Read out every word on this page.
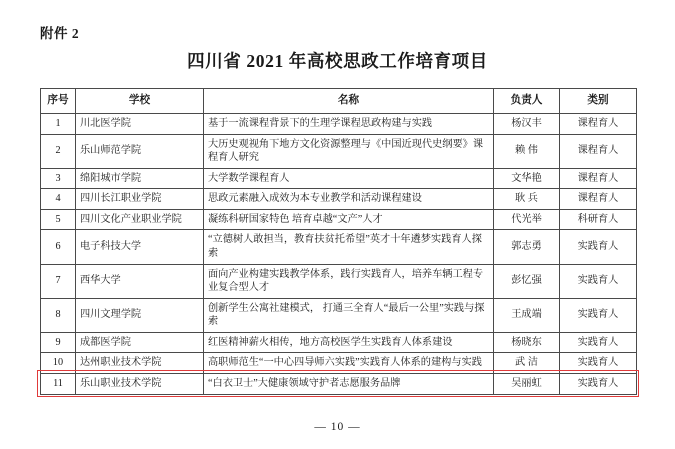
附件 2
四川省 2021 年高校思政工作培育项目
序号	学校	名称	负责人	类别
1	川北医学院	基于一流课程背景下的生理学课程思政构建与实践	杨汉丰	课程育人
2	乐山师范学院	大历史观视角下地方文化资源整理与《中国近现代史纲要》课程育人研究	赖 伟	课程育人
3	绵阳城市学院	大学数学课程育人	文华艳	课程育人
4	四川长江职业学院	思政元素融入成效为本专业教学和活动课程建设	耿 兵	课程育人
5	四川文化产业职业学院	凝练科研国家特色 培育卓越“文产”人才	代光举	科研育人
6	电子科技大学	“立德树人敢担当，教育扶贫托希望”英才十年遴梦实践育人探索	郭志勇	实践育人
7	西华大学	面向产业构建实践教学体系，践行实践育人，培养车辆工程专业复合型人才	彭忆强	实践育人
8	四川文理学院	创新学生公寓社建模式， 打通三全育人“最后一公里”实践与探索	王成端	实践育人
9	成都医学院	红医精神薪火相传，地方高校医学生实践育人体系建设	杨晓东	实践育人
10	达州职业技术学院	高职师范生“一中心四导师六实践”实践育人体系的建构与实践	武 洁	实践育人
11	乐山职业技术学院	“白衣卫士”大健康领域守护者志愿服务品牌	吴丽虹	实践育人
— 10 —
